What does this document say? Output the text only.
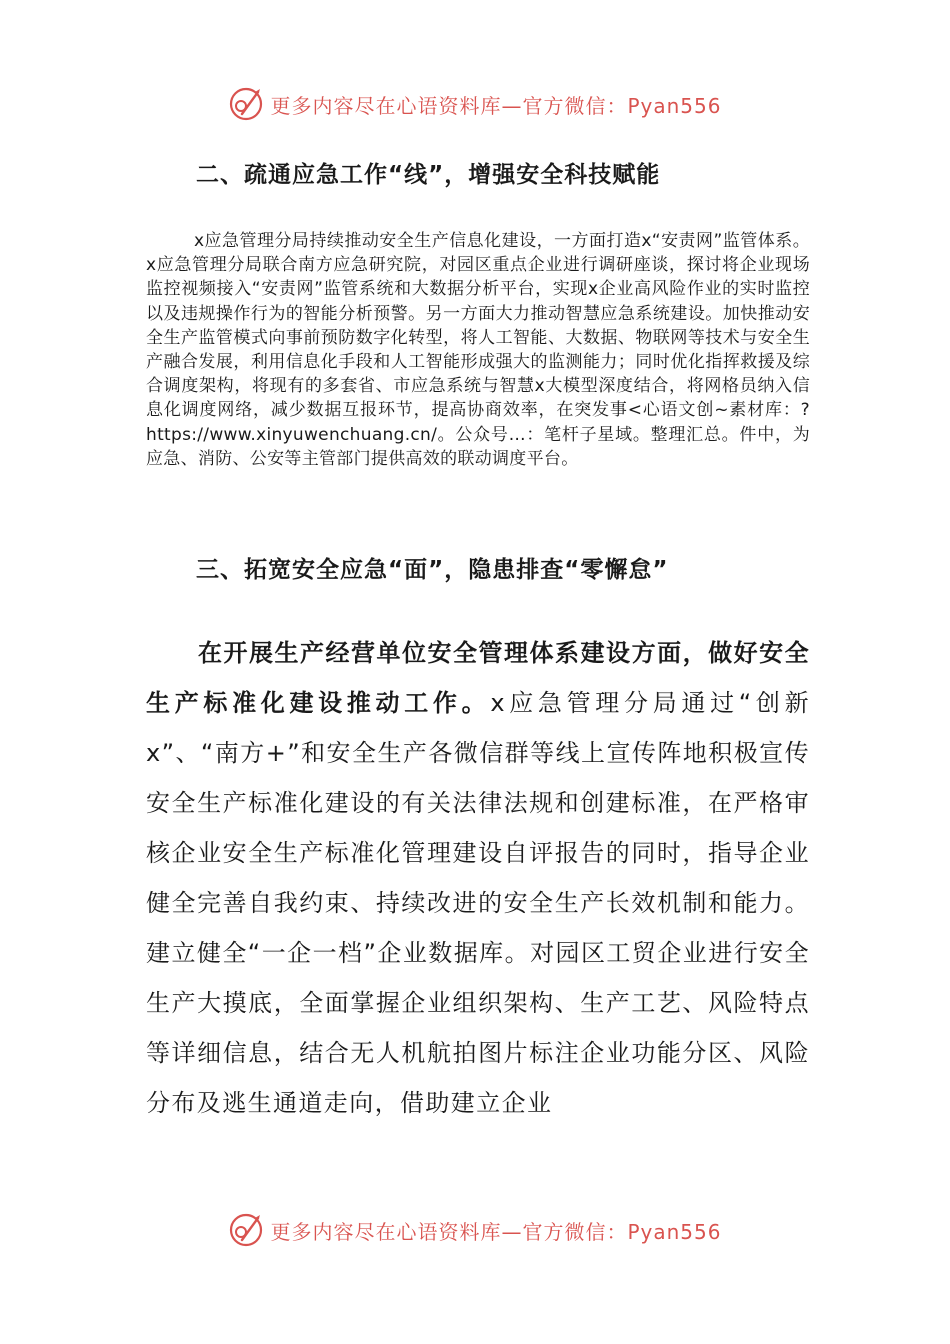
更多内容尽在心语资料库—官方微信：Pyan556
二、疏通应急工作“线”，增强安全科技赋能

x应急管理分局持续推动安全生产信息化建设，一方面打造x“安责网”监管体系。x应急管理分局联合南方应急研究院，对园区重点企业进行调研座谈，探讨将企业现场监控视频接入“安责网”监管系统和大数据分析平台，实现x企业高风险作业的实时监控以及违规操作行为的智能分析预警。另一方面大力推动智慧应急系统建设。加快推动安全生产监管模式向事前预防数字化转型，将人工智能、大数据、物联网等技术与安全生产融合发展，利用信息化手段和人工智能形成强大的监测能力；同时优化指挥救援及综合调度架构，将现有的多套省、市应急系统与智慧x大模型深度结合，将网格员纳入信息化调度网络，减少数据互报环节，提高协商效率，在突发事<心语文创~素材库：?https://www.xinyuwenchuang.cn/。公众号…：笔杆子星域。整理汇总。件中，为应急、消防、公安等主管部门提供高效的联动调度平台。

三、拓宽安全应急“面”，隐患排查“零懈怠”

在开展生产经营单位安全管理体系建设方面，做好安全生产标准化建设推动工作。x应急管理分局通过“创新x”、“南方+”和安全生产各微信群等线上宣传阵地积极宣传安全生产标准化建设的有关法律法规和创建标准，在严格审核企业安全生产标准化管理建设自评报告的同时，指导企业健全完善自我约束、持续改进的安全生产长效机制和能力。建立健全“一企一档”企业数据库。对园区工贸企业进行安全生产大摸底，全面掌握企业组织架构、生产工艺、风险特点等详细信息，结合无人机航拍图片标注企业功能分区、风险分布及逃生通道走向，借助建立企业

更多内容尽在心语资料库—官方微信：Pyan556
